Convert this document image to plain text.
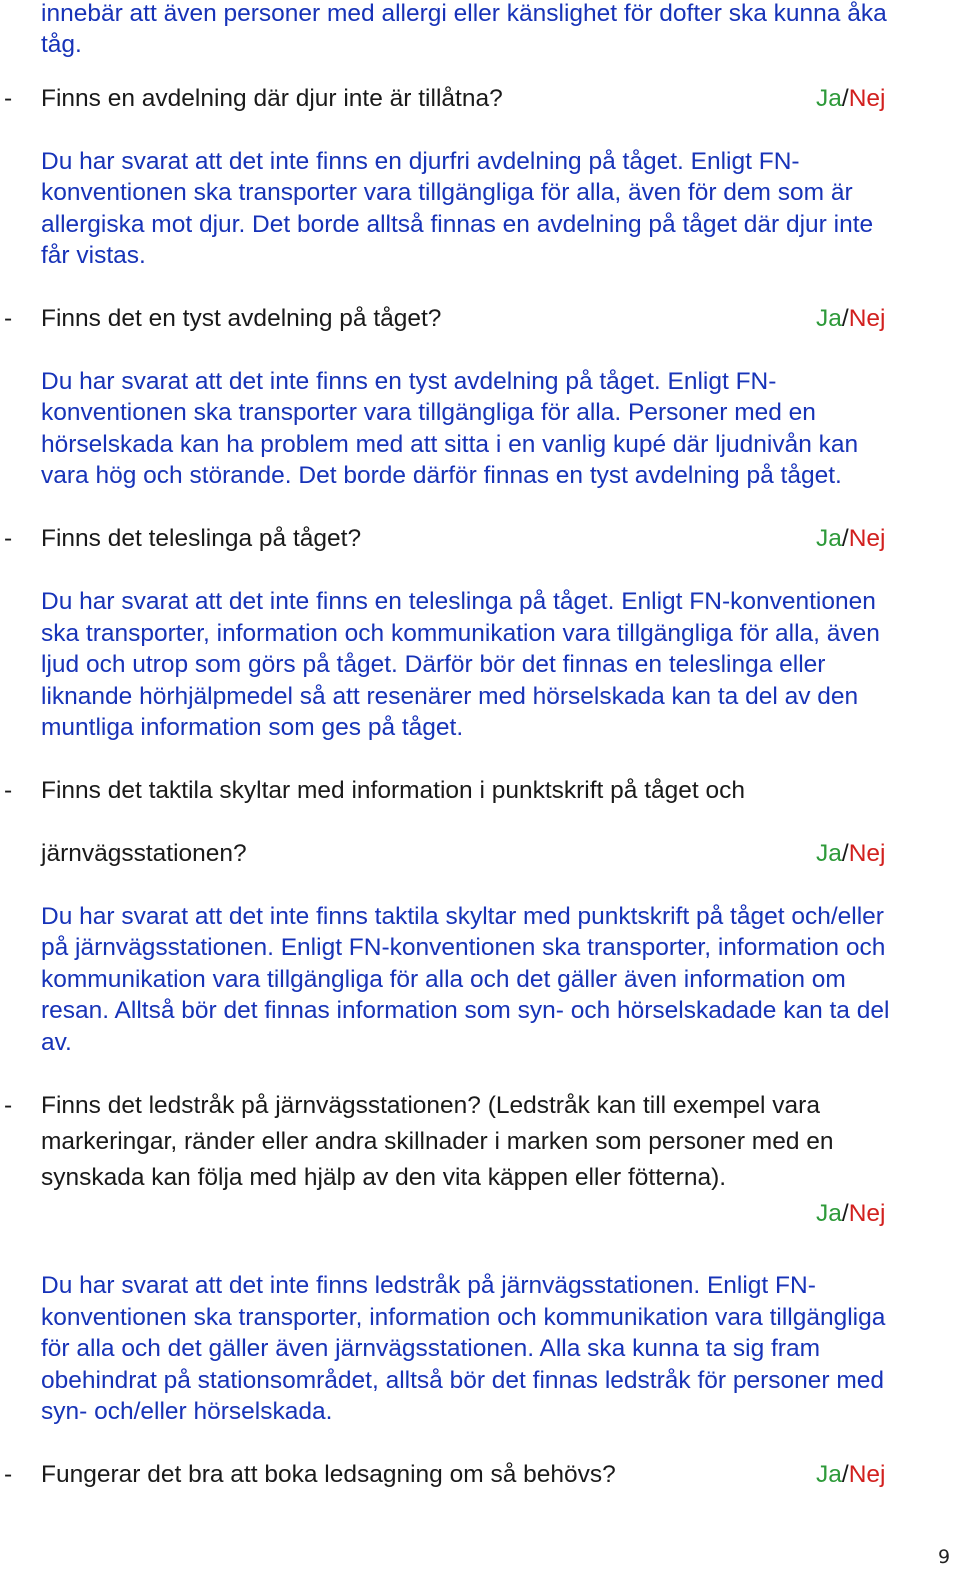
innebär att även personer med allergi eller känslighet för dofter ska kunna åka
tåg.
- Finns en avdelning där djur inte är tillåtna?	Ja/Nej
Du har svarat att det inte finns en djurfri avdelning på tåget. Enligt FN-
konventionen ska transporter vara tillgängliga för alla, även för dem som är
allergiska mot djur. Det borde alltså finnas en avdelning på tåget där djur inte
får vistas.
- Finns det en tyst avdelning på tåget?	Ja/Nej
Du har svarat att det inte finns en tyst avdelning på tåget. Enligt FN-
konventionen ska transporter vara tillgängliga för alla. Personer med en
hörselskada kan ha problem med att sitta i en vanlig kupé där ljudnivån kan
vara hög och störande. Det borde därför finnas en tyst avdelning på tåget.
- Finns det teleslinga på tåget?	Ja/Nej
Du har svarat att det inte finns en teleslinga på tåget. Enligt FN-konventionen
ska transporter, information och kommunikation vara tillgängliga för alla, även
ljud och utrop som görs på tåget. Därför bör det finnas en teleslinga eller
liknande hörhjälpmedel så att resenärer med hörselskada kan ta del av den
muntliga information som ges på tåget.
- Finns det taktila skyltar med information i punktskrift på tåget och
järnvägsstationen?	Ja/Nej
Du har svarat att det inte finns taktila skyltar med punktskrift på tåget och/eller
på järnvägsstationen. Enligt FN-konventionen ska transporter, information och
kommunikation vara tillgängliga för alla och det gäller även information om
resan. Alltså bör det finnas information som syn- och hörselskadade kan ta del
av.
- Finns det ledstråk på järnvägsstationen? (Ledstråk kan till exempel vara
markeringar, ränder eller andra skillnader i marken som personer med en
synskada kan följa med hjälp av den vita käppen eller fötterna).
Ja/Nej
Du har svarat att det inte finns ledstråk på järnvägsstationen. Enligt FN-
konventionen ska transporter, information och kommunikation vara tillgängliga
för alla och det gäller även järnvägsstationen. Alla ska kunna ta sig fram
obehindrat på stationsområdet, alltså bör det finnas ledstråk för personer med
syn- och/eller hörselskada.
- Fungerar det bra att boka ledsagning om så behövs?	Ja/Nej
9
